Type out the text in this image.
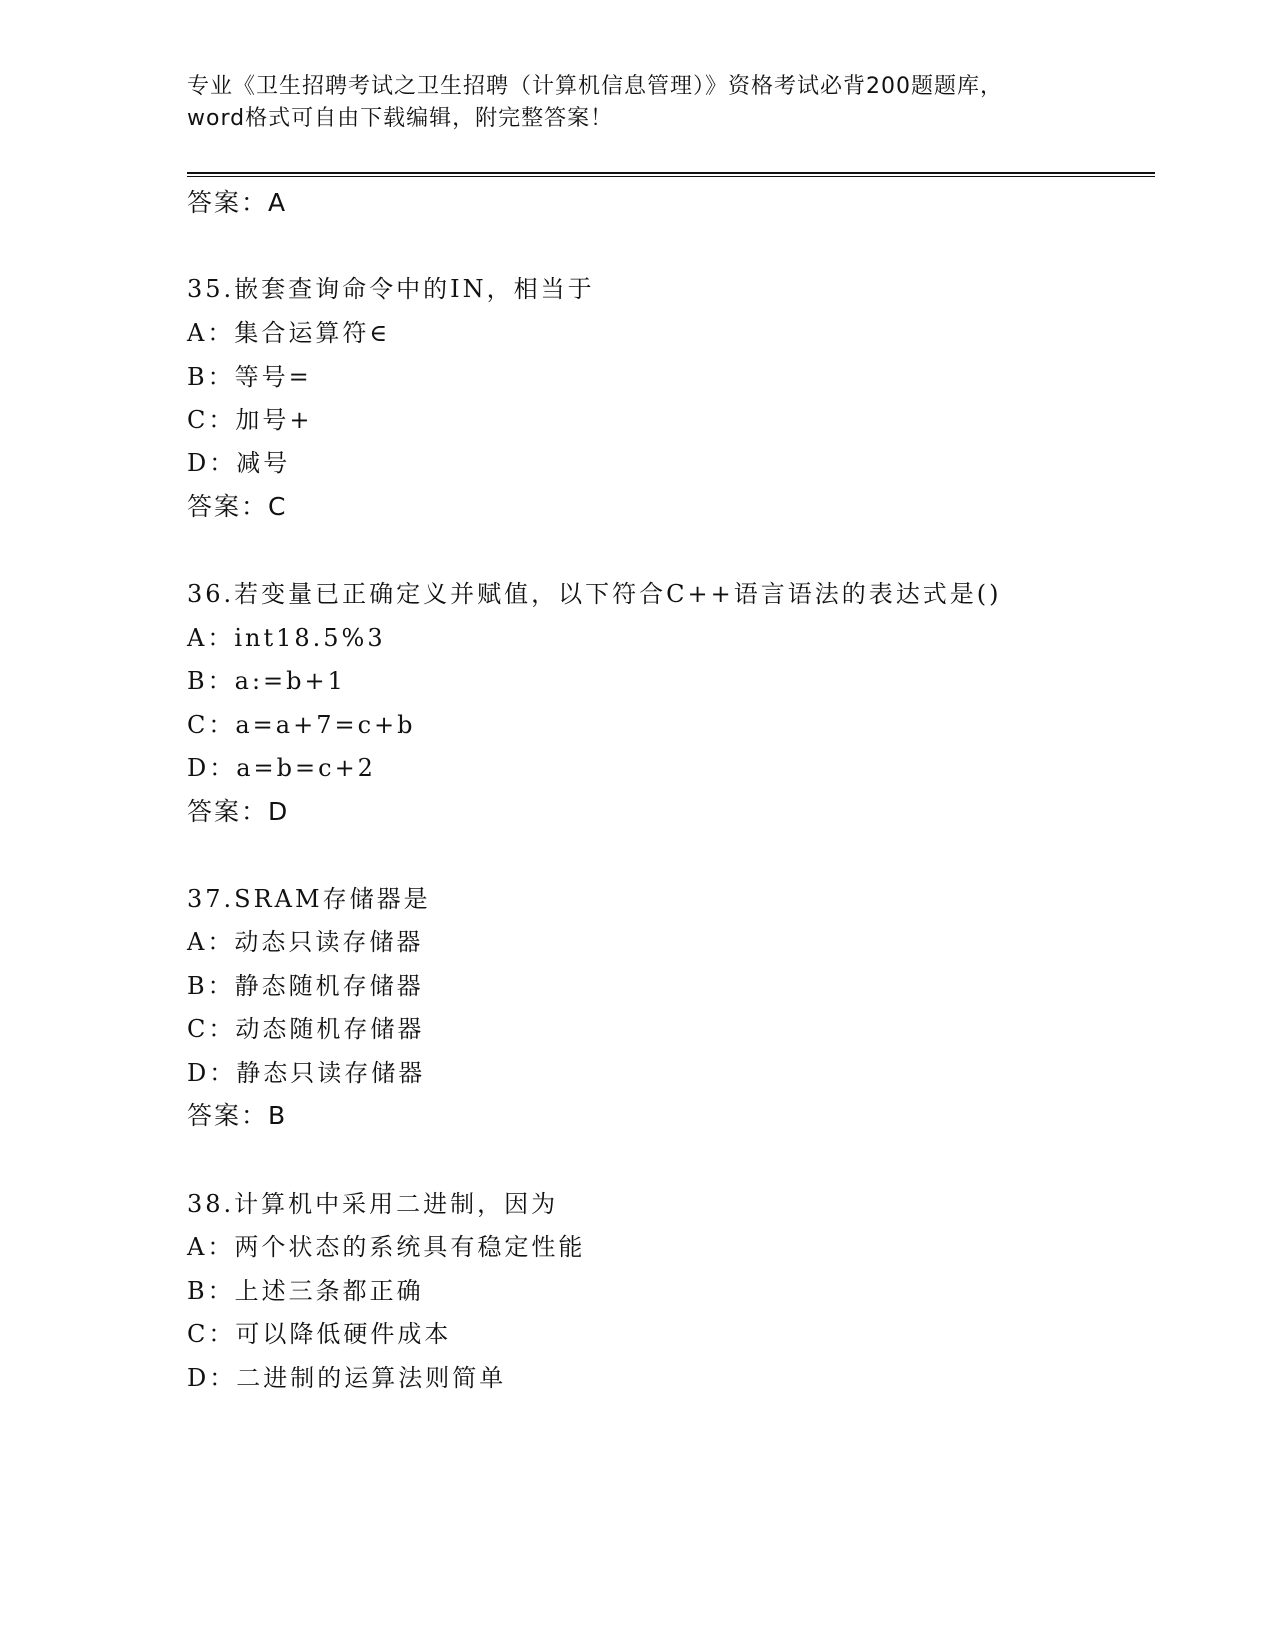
专业《卫生招聘考试之卫生招聘（计算机信息管理）》资格考试必背200题题库，
word格式可自由下载编辑，附完整答案！
答案：A
35.嵌套查询命令中的IN，相当于
A：集合运算符∈
B：等号=
C：加号+
D：减号
答案：C
36.若变量已正确定义并赋值，以下符合C++语言语法的表达式是()
A：int18.5%3
B：a:=b+1
C：a=a+7=c+b
D：a=b=c+2
答案：D
37.SRAM存储器是
A：动态只读存储器
B：静态随机存储器
C：动态随机存储器
D：静态只读存储器
答案：B
38.计算机中采用二进制，因为
A：两个状态的系统具有稳定性能
B：上述三条都正确
C：可以降低硬件成本
D：二进制的运算法则简单
